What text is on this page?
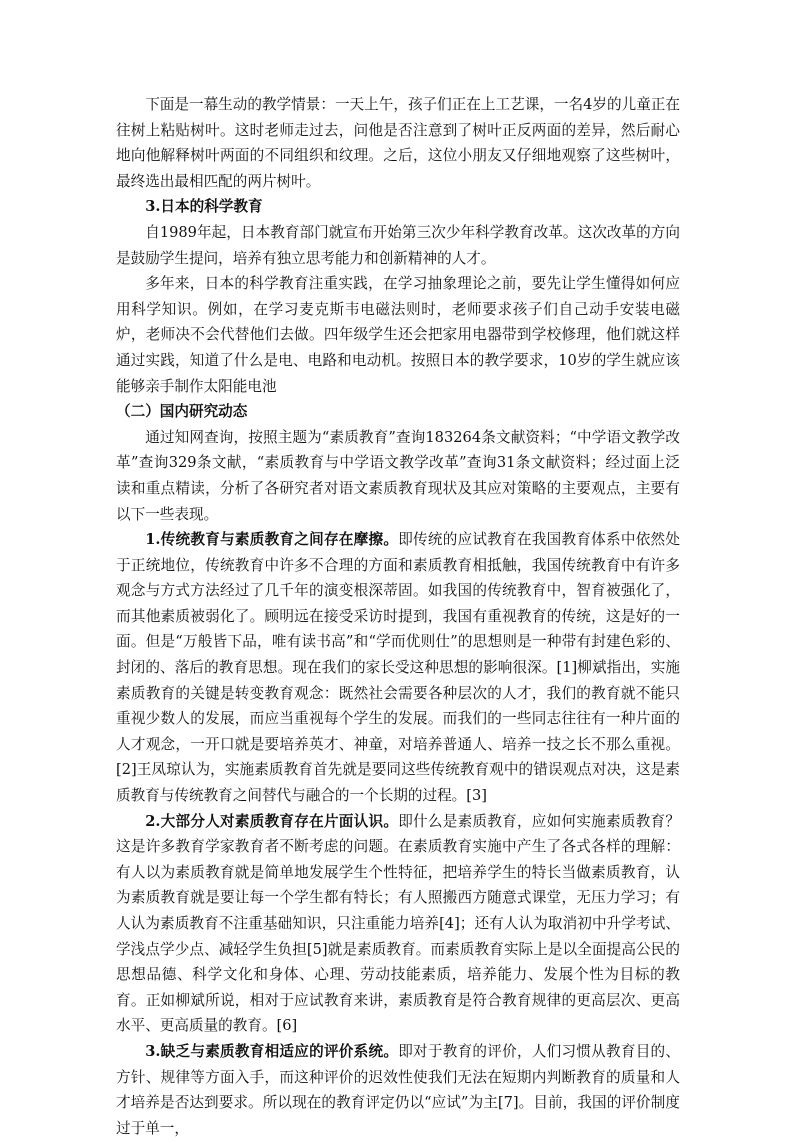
下面是一幕生动的教学情景：一天上午，孩子们正在上工艺课，一名4岁的儿童正在往树上粘贴树叶。这时老师走过去，问他是否注意到了树叶正反两面的差异，然后耐心地向他解释树叶两面的不同组织和纹理。之后，这位小朋友又仔细地观察了这些树叶，最终选出最相匹配的两片树叶。

3.日本的科学教育

自1989年起，日本教育部门就宣布开始第三次少年科学教育改革。这次改革的方向是鼓励学生提问，培养有独立思考能力和创新精神的人才。

多年来，日本的科学教育注重实践，在学习抽象理论之前，要先让学生懂得如何应用科学知识。例如，在学习麦克斯韦电磁法则时，老师要求孩子们自己动手安装电磁炉，老师决不会代替他们去做。四年级学生还会把家用电器带到学校修理，他们就这样通过实践，知道了什么是电、电路和电动机。按照日本的教学要求，10岁的学生就应该能够亲手制作太阳能电池

（二）国内研究动态

通过知网查询，按照主题为“素质教育”查询183264条文献资料；“中学语文教学改革”查询329条文献，“素质教育与中学语文教学改革”查询31条文献资料；经过面上泛读和重点精读，分析了各研究者对语文素质教育现状及其应对策略的主要观点，主要有以下一些表现。

1.传统教育与素质教育之间存在摩擦。即传统的应试教育在我国教育体系中依然处于正统地位，传统教育中许多不合理的方面和素质教育相抵触，我国传统教育中有许多观念与方式方法经过了几千年的演变根深蒂固。如我国的传统教育中，智育被强化了，而其他素质被弱化了。顾明远在接受采访时提到，我国有重视教育的传统，这是好的一面。但是“万般皆下品，唯有读书高”和“学而优则仕”的思想则是一种带有封建色彩的、封闭的、落后的教育思想。现在我们的家长受这种思想的影响很深。[1]柳斌指出，实施素质教育的关键是转变教育观念：既然社会需要各种层次的人才，我们的教育就不能只重视少数人的发展，而应当重视每个学生的发展。而我们的一些同志往往有一种片面的人才观念，一开口就是要培养英才、神童，对培养普通人、培养一技之长不那么重视。[2]王凤琼认为，实施素质教育首先就是要同这些传统教育观中的错误观点对决，这是素质教育与传统教育之间替代与融合的一个长期的过程。[3]

2.大部分人对素质教育存在片面认识。即什么是素质教育，应如何实施素质教育？这是许多教育学家教育者不断考虑的问题。在素质教育实施中产生了各式各样的理解：有人以为素质教育就是简单地发展学生个性特征，把培养学生的特长当做素质教育，认为素质教育就是要让每一个学生都有特长；有人照搬西方随意式课堂，无压力学习；有人认为素质教育不注重基础知识，只注重能力培养[4]；还有人认为取消初中升学考试、学浅点学少点、减轻学生负担[5]就是素质教育。而素质教育实际上是以全面提高公民的思想品德、科学文化和身体、心理、劳动技能素质，培养能力、发展个性为目标的教育。正如柳斌所说，相对于应试教育来讲，素质教育是符合教育规律的更高层次、更高水平、更高质量的教育。[6]

3.缺乏与素质教育相适应的评价系统。即对于教育的评价，人们习惯从教育目的、方针、规律等方面入手，而这种评价的迟效性使我们无法在短期内判断教育的质量和人才培养是否达到要求。所以现在的教育评定仍以“应试”为主[7]。目前，我国的评价制度过于单一，
